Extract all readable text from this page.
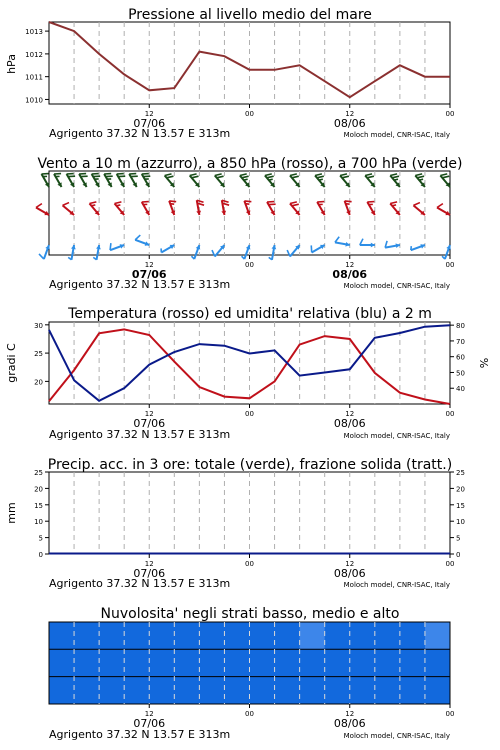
Pressione al livello medio del mare
hPa
1010
1011
1012
1013
12
07/06
00	12
08/06
00
Agrigento 37.32 N 13.57 E 313m	Moloch model, CNR-ISAC, Italy
Vento a 10 m (azzurro), a 850 hPa (rosso), a 700 hPa (verde)
12
07/06
00	12
08/06
00
Agrigento 37.32 N 13.57 E 313m	Moloch model, CNR-ISAC, Italy
Temperatura (rosso) ed umidita' relativa (blu) a 2 m
gradi C	%
20
25
30
40
50
60
70
80
12
07/06
00	12
08/06
00
Agrigento 37.32 N 13.57 E 313m	Moloch model, CNR-ISAC, Italy
Precip. acc. in 3 ore: totale (verde), frazione solida (tratt.)
mm
0
5
10
15
20
25
0
5
10
15
20
25
12
07/06
00	12
08/06
00
Agrigento 37.32 N 13.57 E 313m	Moloch model, CNR-ISAC, Italy
Nuvolosita' negli strati basso, medio e alto
12
07/06
00	12
08/06
00
Agrigento 37.32 N 13.57 E 313m	Moloch model, CNR-ISAC, Italy
